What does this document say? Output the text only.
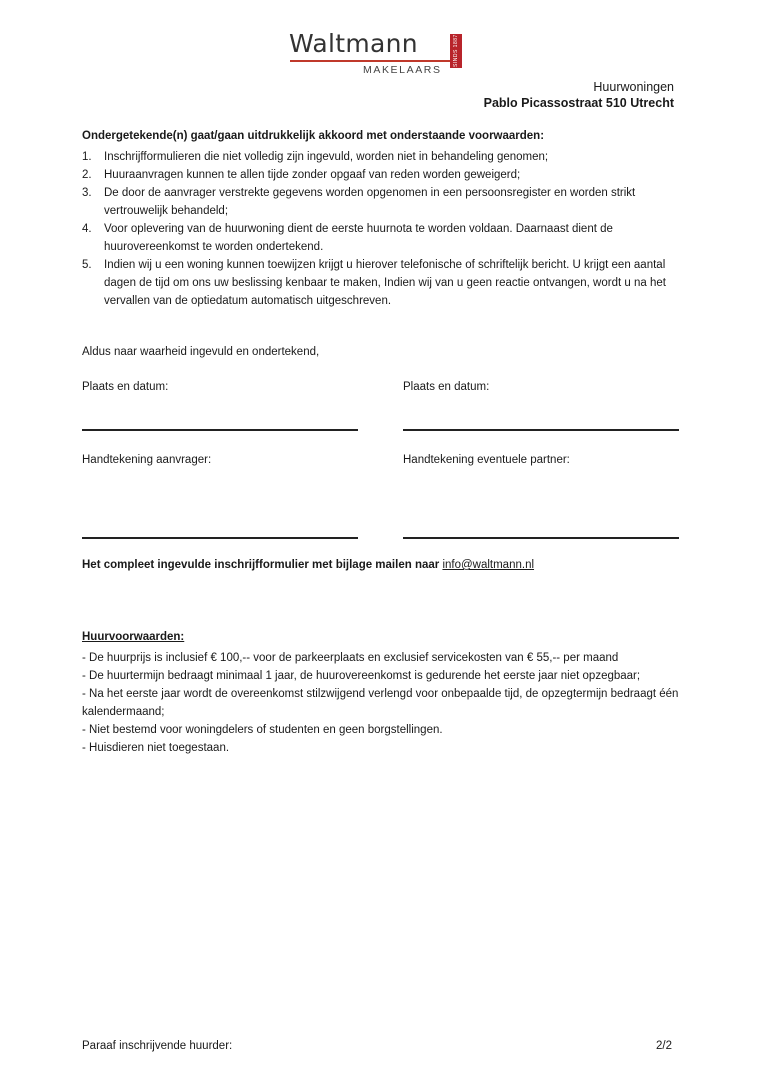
Waltmann
MAKELAARS
SINDS 1887
Huurwoningen
Pablo Picassostraat 510 Utrecht
Ondergetekende(n) gaat/gaan uitdrukkelijk akkoord met onderstaande voorwaarden:
1.	Inschrijfformulieren die niet volledig zijn ingevuld, worden niet in behandeling genomen;
2.	Huuraanvragen kunnen te allen tijde zonder opgaaf van reden worden geweigerd;
3.	De door de aanvrager verstrekte gegevens worden opgenomen in een persoonsregister en worden strikt vertrouwelijk behandeld;
4.	Voor oplevering van de huurwoning dient de eerste huurnota te worden voldaan. Daarnaast dient de huurovereenkomst te worden ondertekend.
5.	Indien wij u een woning kunnen toewijzen krijgt u hierover telefonische of schriftelijk bericht. U krijgt een aantal dagen de tijd om ons uw beslissing kenbaar te maken, Indien wij van u geen reactie ontvangen, wordt u na het vervallen van de optiedatum automatisch uitgeschreven.
Aldus naar waarheid ingevuld en ondertekend,
Plaats en datum:	Plaats en datum:
Handtekening aanvrager:	Handtekening eventuele partner:
Het compleet ingevulde inschrijfformulier met bijlage mailen naar info@waltmann.nl
Huurvoorwaarden:
- De huurprijs is inclusief € 100,-- voor de parkeerplaats en exclusief servicekosten van € 55,-- per maand
- De huurtermijn bedraagt minimaal 1 jaar, de huurovereenkomst is gedurende het eerste jaar niet opzegbaar;
- Na het eerste jaar wordt de overeenkomst stilzwijgend verlengd voor onbepaalde tijd, de opzegtermijn bedraagt één kalendermaand;
- Niet bestemd voor woningdelers of studenten en geen borgstellingen.
- Huisdieren niet toegestaan.
Paraaf inschrijvende huurder:	2/2
